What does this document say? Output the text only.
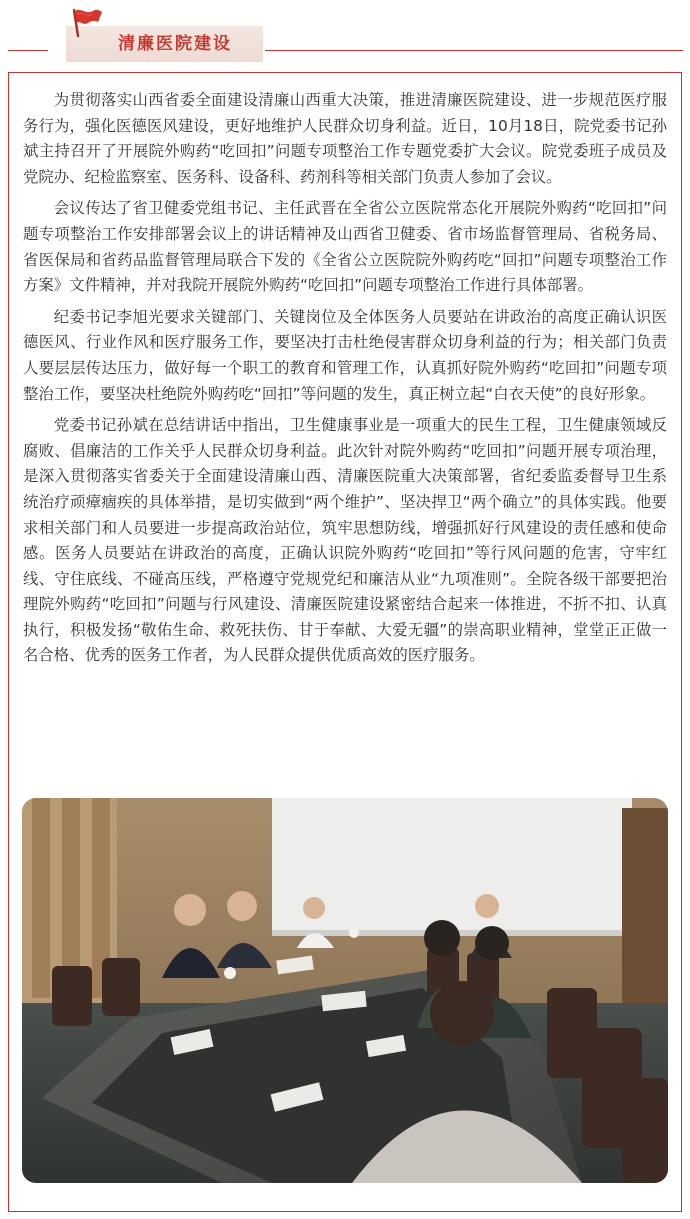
清廉医院建设

为贯彻落实山西省委全面建设清廉山西重大决策，推进清廉医院建设、进一步规范医疗服务行为，强化医德医风建设，更好地维护人民群众切身利益。近日，10月18日，院党委书记孙斌主持召开了开展院外购药“吃回扣”问题专项整治工作专题党委扩大会议。院党委班子成员及党院办、纪检监察室、医务科、设备科、药剂科等相关部门负责人参加了会议。

会议传达了省卫健委党组书记、主任武晋在全省公立医院常态化开展院外购药“吃回扣”问题专项整治工作安排部署会议上的讲话精神及山西省卫健委、省市场监督管理局、省税务局、省医保局和省药品监督管理局联合下发的《全省公立医院院外购药吃“回扣”问题专项整治工作方案》文件精神，并对我院开展院外购药“吃回扣”问题专项整治工作进行具体部署。

纪委书记李旭光要求关键部门、关键岗位及全体医务人员要站在讲政治的高度正确认识医德医风、行业作风和医疗服务工作，要坚决打击杜绝侵害群众切身利益的行为；相关部门负责人要层层传达压力，做好每一个职工的教育和管理工作，认真抓好院外购药“吃回扣”问题专项整治工作，要坚决杜绝院外购药吃“回扣”等问题的发生，真正树立起“白衣天使”的良好形象。

党委书记孙斌在总结讲话中指出，卫生健康事业是一项重大的民生工程，卫生健康领域反腐败、倡廉洁的工作关乎人民群众切身利益。此次针对院外购药“吃回扣”问题开展专项治理，是深入贯彻落实省委关于全面建设清廉山西、清廉医院重大决策部署，省纪委监委督导卫生系统治疗顽瘴痼疾的具体举措，是切实做到“两个维护”、坚决捍卫“两个确立”的具体实践。他要求相关部门和人员要进一步提高政治站位，筑牢思想防线，增强抓好行风建设的责任感和使命感。医务人员要站在讲政治的高度，正确认识院外购药“吃回扣”等行风问题的危害，守牢红线、守住底线、不碰高压线，严格遵守党规党纪和廉洁从业“九项准则”。全院各级干部要把治理院外购药“吃回扣”问题与行风建设、清廉医院建设紧密结合起来一体推进，不折不扣、认真执行，积极发扬“敬佑生命、救死扶伤、甘于奉献、大爱无疆”的崇高职业精神，堂堂正正做一名合格、优秀的医务工作者，为人民群众提供优质高效的医疗服务。
